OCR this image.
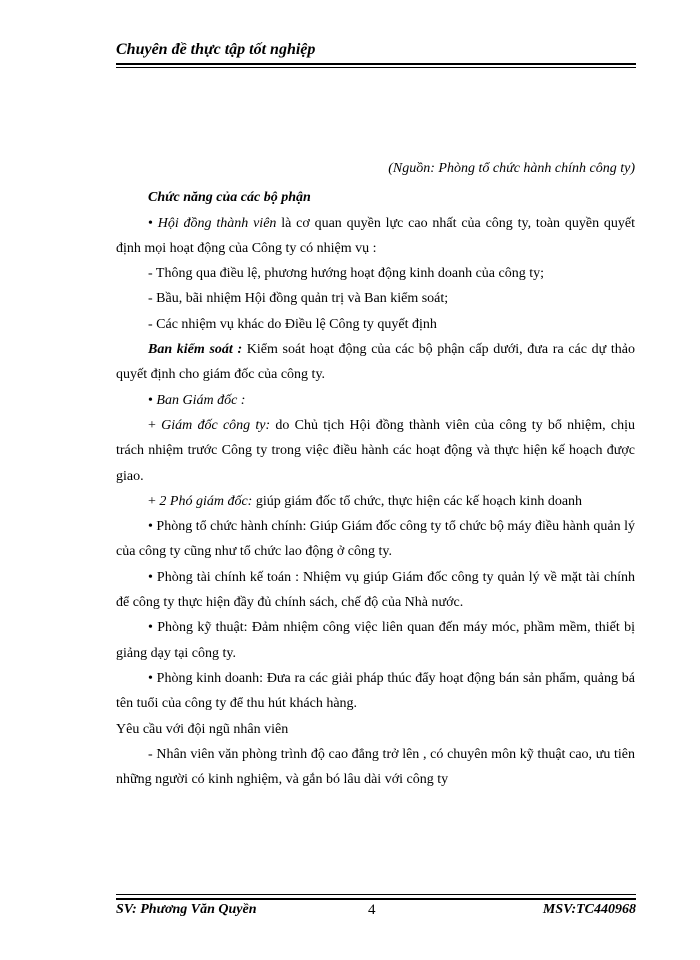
Chuyên đề thực tập tốt nghiệp

(Nguồn: Phòng tổ chức hành chính công ty)

Chức năng của các bộ phận

• Hội đồng thành viên là cơ quan quyền lực cao nhất của công ty, toàn quyền quyết định mọi hoạt động của Công ty có nhiệm vụ :

- Thông qua điều lệ, phương hướng hoạt động kinh doanh của công ty;

- Bầu, bãi nhiệm Hội đồng quản trị và Ban kiểm soát;

- Các nhiệm vụ khác do Điều lệ Công ty quyết định

Ban kiểm soát : Kiểm soát hoạt động của các bộ phận cấp dưới, đưa ra các dự thảo quyết định cho giám đốc của công ty.

• Ban Giám đốc :

+ Giám đốc công ty: do Chủ tịch Hội đồng thành viên của công ty bổ nhiệm, chịu trách nhiệm trước Công ty trong việc điều hành các hoạt động và thực hiện kế hoạch được giao.

+ 2 Phó giám đốc: giúp giám đốc tổ chức, thực hiện các kế hoạch kinh doanh

• Phòng tổ chức hành chính: Giúp Giám đốc công ty tổ chức bộ máy điều hành quản lý của công ty cũng như tổ chức lao động ở công ty.

• Phòng tài chính kế toán : Nhiệm vụ giúp Giám đốc công ty quản lý về mặt tài chính để công ty thực hiện đầy đủ chính sách, chế độ của Nhà nước.

• Phòng kỹ thuật: Đảm nhiệm công việc liên quan đến máy móc, phầm mềm, thiết bị giảng dạy tại công ty.

• Phòng kinh doanh: Đưa ra các giải pháp thúc đẩy hoạt động bán sản phẩm, quảng bá tên tuổi của công ty để thu hút khách hàng.

Yêu cầu với đội ngũ nhân viên

- Nhân viên văn phòng trình độ cao đẳng trở lên , có chuyên môn kỹ thuật cao, ưu tiên những người có kinh nghiệm, và gắn bó lâu dài với công ty

SV: Phương Văn Quyền	4	MSV:TC440968
